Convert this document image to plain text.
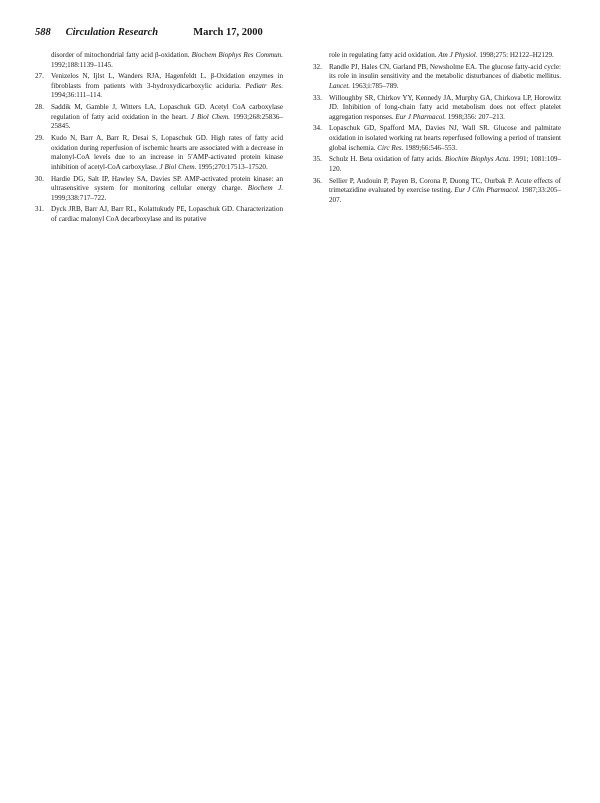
588 Circulation Research	March 17, 2000
disorder of mitochondrial fatty acid β-oxidation. Biochem Biophys Res Commun. 1992;188:1139–1145.
27.	Venizelos N, Ijlst L, Wanders RJA, Hagenfeldt L. β-Oxidation enzymes in fibroblasts from patients with 3-hydroxydicarboxylic aciduria. Pediatr Res. 1994;36:111–114.
28.	Saddik M, Gamble J, Witters LA, Lopaschuk GD. Acetyl CoA carboxylase regulation of fatty acid oxidation in the heart. J Biol Chem. 1993;268:25836–25845.
29.	Kudo N, Barr A, Barr R, Desai S, Lopaschuk GD. High rates of fatty acid oxidation during reperfusion of ischemic hearts are associated with a decrease in malonyl-CoA levels due to an increase in 5′AMP-activated protein kinase inhibition of acetyl-CoA carboxylase. J Biol Chem. 1995;270:17513–17520.
30.	Hardie DG, Salt IP, Hawley SA, Davies SP. AMP-activated protein kinase: an ultrasensitive system for monitoring cellular energy charge. Biochem J. 1999;338:717–722.
31.	Dyck JRB, Barr AJ, Barr RL, Kolattukudy PE, Lopaschuk GD. Characterization of cardiac malonyl CoA decarboxylase and its putative
role in regulating fatty acid oxidation. Am J Physiol. 1998;275: H2122–H2129.
32.	Randle PJ, Hales CN, Garland PB, Newsholme EA. The glucose fatty-acid cycle: its role in insulin sensitivity and the metabolic disturbances of diabetic mellitus. Lancet. 1963;i:785–789.
33.	Willoughby SR, Chirkov YY, Kennedy JA, Murphy GA, Chirkova LP, Horowitz JD. Inhibition of long-chain fatty acid metabolism does not effect platelet aggregation responses. Eur J Pharmacol. 1998;356: 207–213.
34.	Lopaschuk GD, Spafford MA, Davies NJ, Wall SR. Glucose and palmitate oxidation in isolated working rat hearts reperfused following a period of transient global ischemia. Circ Res. 1989;66:546–553.
35.	Schulz H. Beta oxidation of fatty acids. Biochim Biophys Acta. 1991; 1081:109–120.
36.	Sellier P, Audouin P, Payen B, Corona P, Duong TC, Ourbak P. Acute effects of trimetazidine evaluated by exercise testing. Eur J Clin Pharmacol. 1987;33:205–207.
